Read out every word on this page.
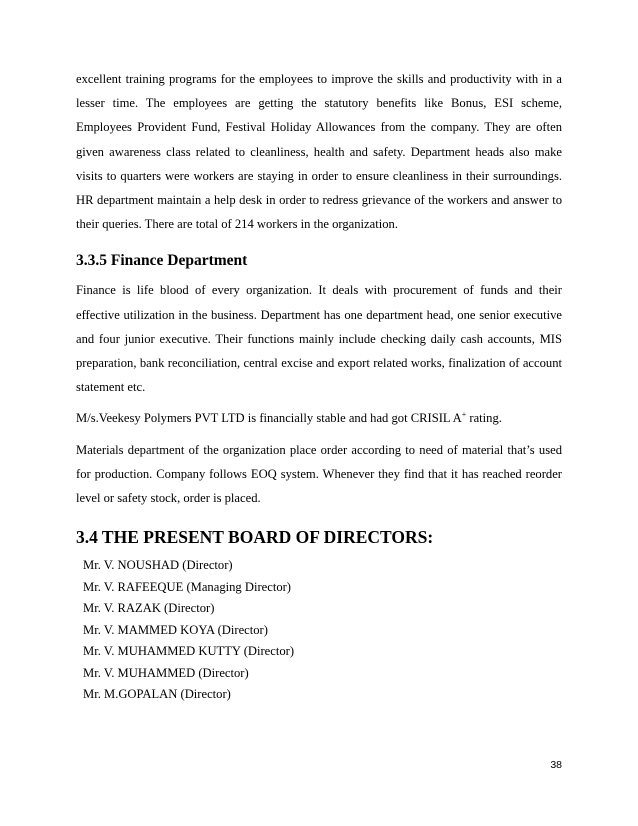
excellent training programs for the employees to improve the skills and productivity with in a lesser time. The employees are getting the statutory benefits like Bonus, ESI scheme, Employees Provident Fund, Festival Holiday Allowances from the company. They are often given awareness class related to cleanliness, health and safety. Department heads also make visits to quarters were workers are staying in order to ensure cleanliness in their surroundings. HR department maintain a help desk in order to redress grievance of the workers and answer to their queries. There are total of 214 workers in the organization.

3.3.5 Finance Department

Finance is life blood of every organization. It deals with procurement of funds and their effective utilization in the business. Department has one department head, one senior executive and four junior executive. Their functions mainly include checking daily cash accounts, MIS preparation, bank reconciliation, central excise and export related works, finalization of account statement etc.

M/s.Veekesy Polymers PVT LTD is financially stable and had got CRISIL A+ rating.

Materials department of the organization place order according to need of material that’s used for production. Company follows EOQ system. Whenever they find that it has reached reorder level or safety stock, order is placed.

3.4 THE PRESENT BOARD OF DIRECTORS:
Mr. V. NOUSHAD (Director)
Mr. V. RAFEEQUE (Managing Director)
Mr. V. RAZAK (Director)
Mr. V. MAMMED KOYA (Director)
Mr. V. MUHAMMED KUTTY (Director)
Mr. V. MUHAMMED (Director)
Mr. M.GOPALAN (Director)
38
